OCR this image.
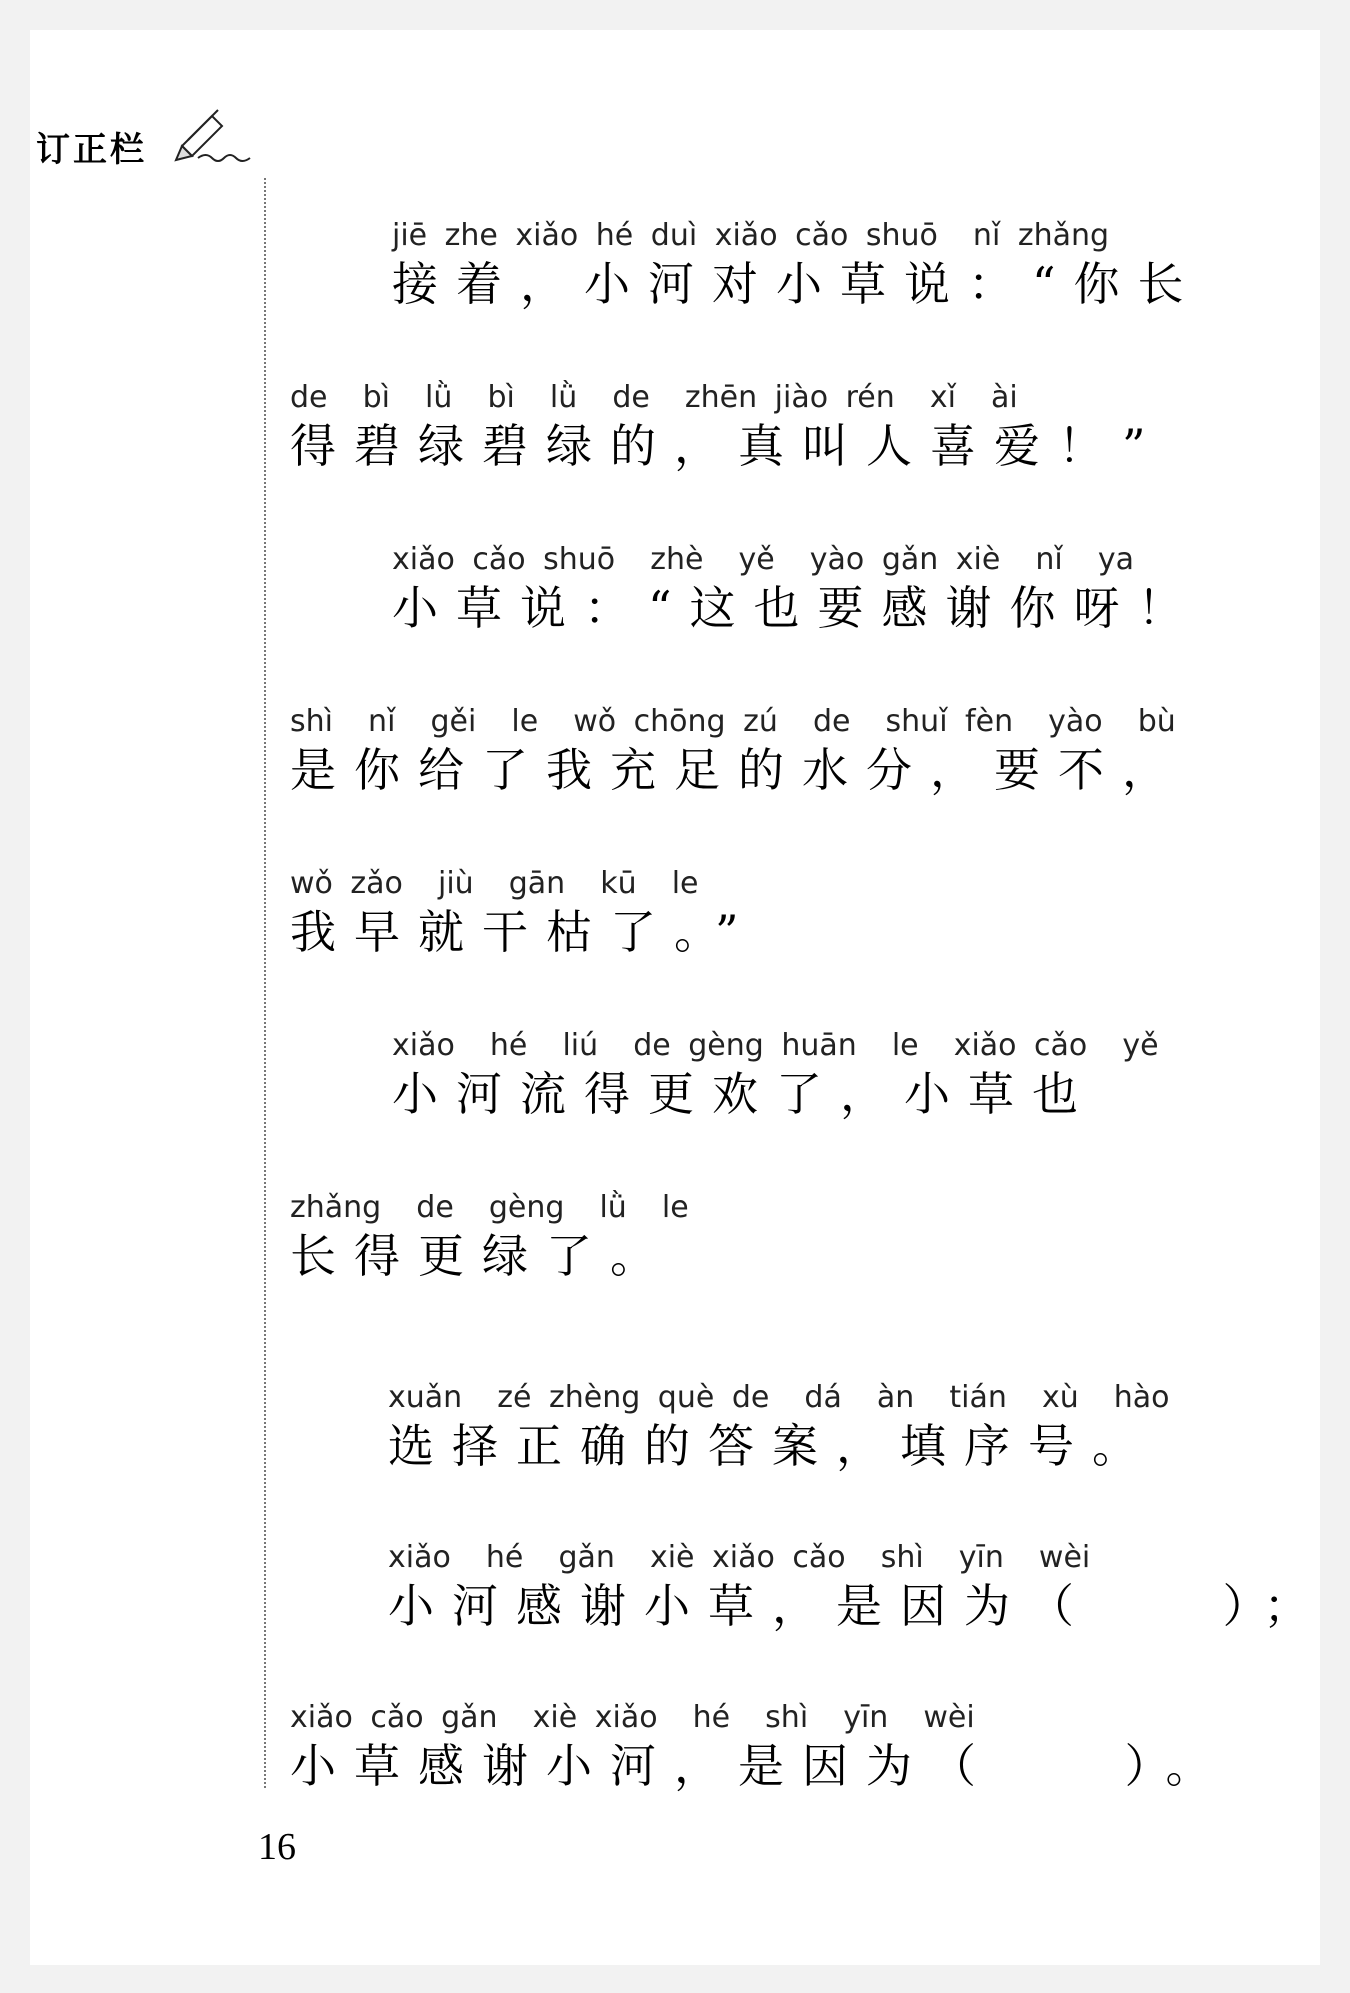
订正栏
jiē zhe xiǎo hé duì xiǎo cǎo shuō  nǐ zhǎng
接着，小河对小草说：“你长
de  bì  lǜ  bì  lǜ  de  zhēn jiào rén  xǐ  ài
得碧绿碧绿的，真叫人喜爱！”
xiǎo cǎo shuō  zhè  yě  yào gǎn xiè  nǐ  ya
小草说：“这也要感谢你呀！
shì  nǐ  gěi  le  wǒ chōng zú  de  shuǐ fèn  yào  bù
是你给了我充足的水分，要不，
wǒ zǎo  jiù  gān  kū  le
我早就干枯了。”
xiǎo  hé  liú  de gèng huān  le  xiǎo cǎo  yě
小河流得更欢了，小草也
zhǎng  de  gèng  lǜ  le
长得更绿了。
xuǎn  zé zhèng què de  dá  àn  tián  xù  hào
选择正确的答案，填序号。
xiǎo  hé  gǎn  xiè xiǎo cǎo  shì  yīn  wèi
小河感谢小草，是因为（    ）；
xiǎo cǎo gǎn  xiè xiǎo  hé  shì  yīn  wèi
小草感谢小河，是因为（    ）。
16
